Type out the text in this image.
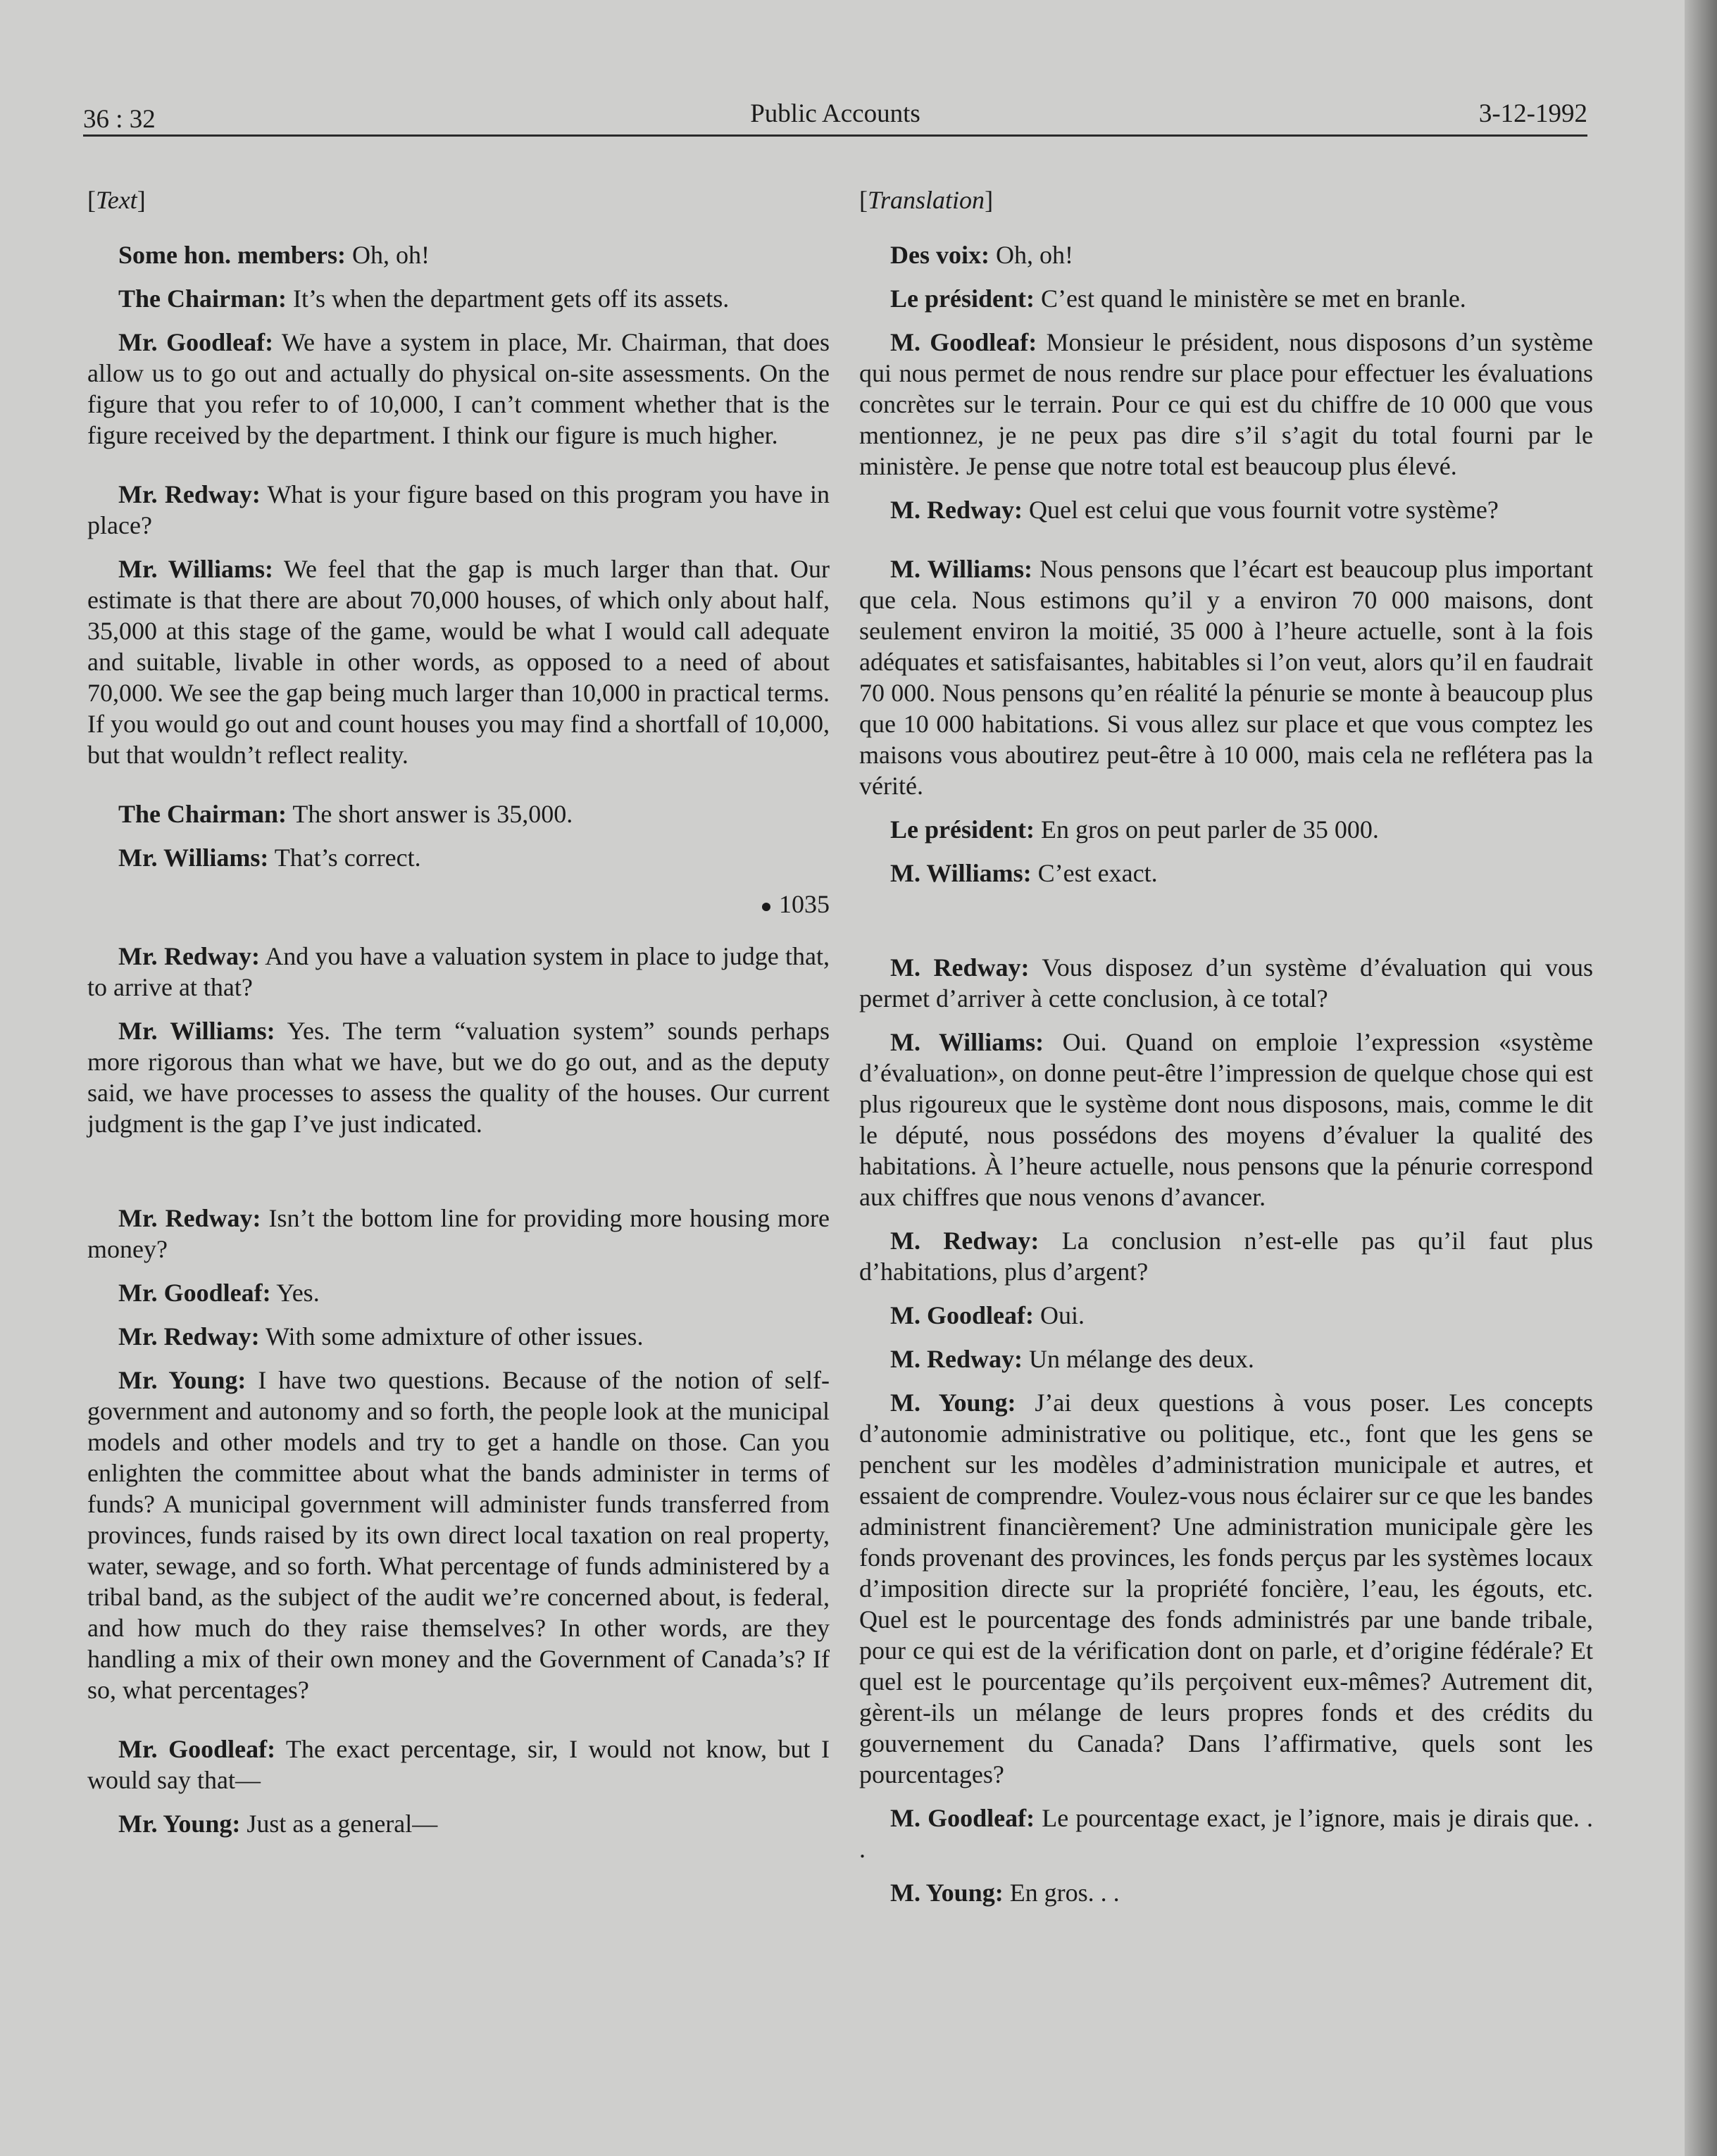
36 : 32	Public Accounts	3-12-1992
[Text]

Some hon. members: Oh, oh!

The Chairman: It’s when the department gets off its assets.

Mr. Goodleaf: We have a system in place, Mr. Chairman, that does allow us to go out and actually do physical on-site assessments. On the figure that you refer to of 10,000, I can’t comment whether that is the figure received by the department. I think our figure is much higher.

Mr. Redway: What is your figure based on this program you have in place?

Mr. Williams: We feel that the gap is much larger than that. Our estimate is that there are about 70,000 houses, of which only about half, 35,000 at this stage of the game, would be what I would call adequate and suitable, livable in other words, as opposed to a need of about 70,000. We see the gap being much larger than 10,000 in practical terms. If you would go out and count houses you may find a shortfall of 10,000, but that wouldn’t reflect reality.

The Chairman: The short answer is 35,000.

Mr. Williams: That’s correct.

1035

Mr. Redway: And you have a valuation system in place to judge that, to arrive at that?

Mr. Williams: Yes. The term “valuation system” sounds perhaps more rigorous than what we have, but we do go out, and as the deputy said, we have processes to assess the quality of the houses. Our current judgment is the gap I’ve just indicated.

Mr. Redway: Isn’t the bottom line for providing more housing more money?

Mr. Goodleaf: Yes.

Mr. Redway: With some admixture of other issues.

Mr. Young: I have two questions. Because of the notion of self-government and autonomy and so forth, the people look at the municipal models and other models and try to get a handle on those. Can you enlighten the committee about what the bands administer in terms of funds? A municipal government will administer funds transferred from provinces, funds raised by its own direct local taxation on real property, water, sewage, and so forth. What percentage of funds administered by a tribal band, as the subject of the audit we’re concerned about, is federal, and how much do they raise themselves? In other words, are they handling a mix of their own money and the Government of Canada’s? If so, what percentages?

Mr. Goodleaf: The exact percentage, sir, I would not know, but I would say that—

Mr. Young: Just as a general—

[Translation]

Des voix: Oh, oh!

Le président: C’est quand le ministère se met en branle.

M. Goodleaf: Monsieur le président, nous disposons d’un système qui nous permet de nous rendre sur place pour effectuer les évaluations concrètes sur le terrain. Pour ce qui est du chiffre de 10 000 que vous mentionnez, je ne peux pas dire s’il s’agit du total fourni par le ministère. Je pense que notre total est beaucoup plus élevé.

M. Redway: Quel est celui que vous fournit votre système?

M. Williams: Nous pensons que l’écart est beaucoup plus important que cela. Nous estimons qu’il y a environ 70 000 maisons, dont seulement environ la moitié, 35 000 à l’heure actuelle, sont à la fois adéquates et satisfaisantes, habitables si l’on veut, alors qu’il en faudrait 70 000. Nous pensons qu’en réalité la pénurie se monte à beaucoup plus que 10 000 habitations. Si vous allez sur place et que vous comptez les maisons vous aboutirez peut-être à 10 000, mais cela ne reflétera pas la vérité.

Le président: En gros on peut parler de 35 000.

M. Williams: C’est exact.

M. Redway: Vous disposez d’un système d’évaluation qui vous permet d’arriver à cette conclusion, à ce total?

M. Williams: Oui. Quand on emploie l’expression «système d’évaluation», on donne peut-être l’impression de quelque chose qui est plus rigoureux que le système dont nous disposons, mais, comme le dit le député, nous possédons des moyens d’évaluer la qualité des habitations. À l’heure actuelle, nous pensons que la pénurie correspond aux chiffres que nous venons d’avancer.

M. Redway: La conclusion n’est-elle pas qu’il faut plus d’habitations, plus d’argent?

M. Goodleaf: Oui.

M. Redway: Un mélange des deux.

M. Young: J’ai deux questions à vous poser. Les concepts d’autonomie administrative ou politique, etc., font que les gens se penchent sur les modèles d’administration municipale et autres, et essaient de comprendre. Voulez-vous nous éclairer sur ce que les bandes administrent financièrement? Une administration municipale gère les fonds provenant des provinces, les fonds perçus par les systèmes locaux d’imposition directe sur la propriété foncière, l’eau, les égouts, etc. Quel est le pourcentage des fonds administrés par une bande tribale, pour ce qui est de la vérification dont on parle, et d’origine fédérale? Et quel est le pourcentage qu’ils perçoivent eux-mêmes? Autrement dit, gèrent-ils un mélange de leurs propres fonds et des crédits du gouvernement du Canada? Dans l’affirmative, quels sont les pourcentages?

M. Goodleaf: Le pourcentage exact, je l’ignore, mais je dirais que. . .

M. Young: En gros. . .
